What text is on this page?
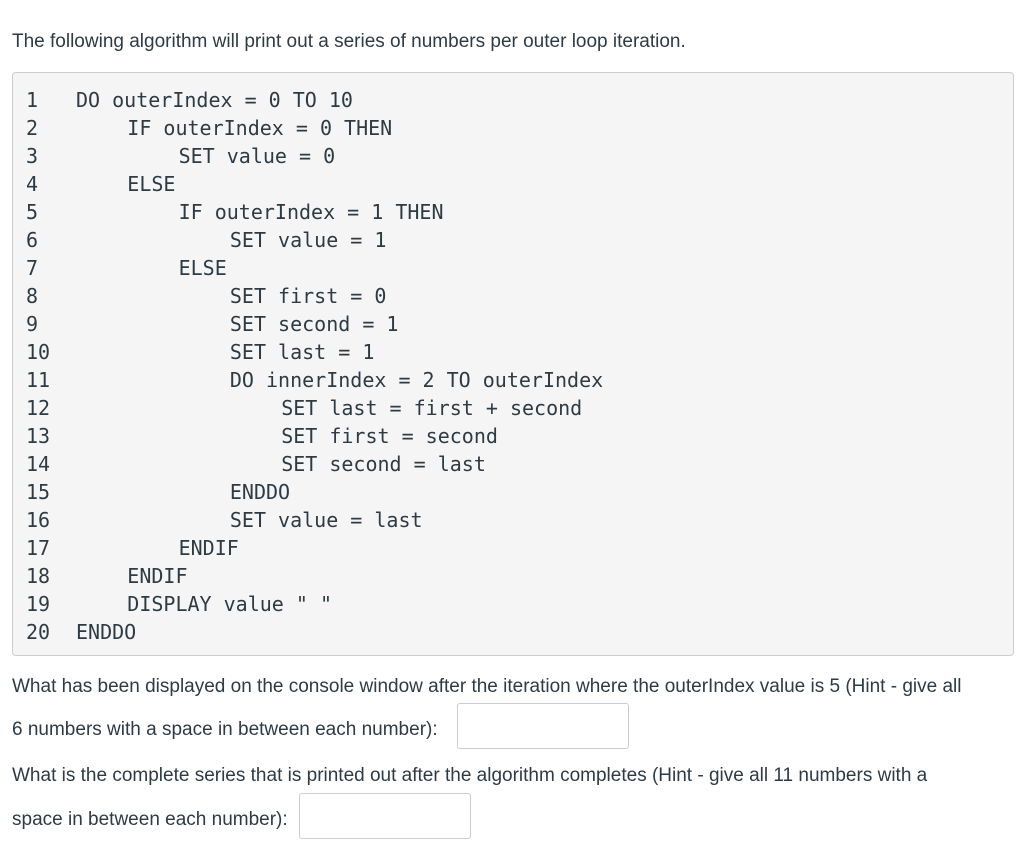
The following algorithm will print out a series of numbers per outer loop iteration.
1	DO outerIndex = 0 TO 10
2	IF outerIndex = 0 THEN
3	SET value = 0
4	ELSE
5	IF outerIndex = 1 THEN
6	SET value = 1
7	ELSE
8	SET first = 0
9	SET second = 1
10	SET last = 1
11	DO innerIndex = 2 TO outerIndex
12	SET last = first + second
13	SET first = second
14	SET second = last
15	ENDDO
16	SET value = last
17	ENDIF
18	ENDIF
19	DISPLAY value " "
20	ENDDO
What has been displayed on the console window after the iteration where the outerIndex value is 5 (Hint - give all
6 numbers with a space in between each number):
What is the complete series that is printed out after the algorithm completes (Hint - give all 11 numbers with a
space in between each number):
